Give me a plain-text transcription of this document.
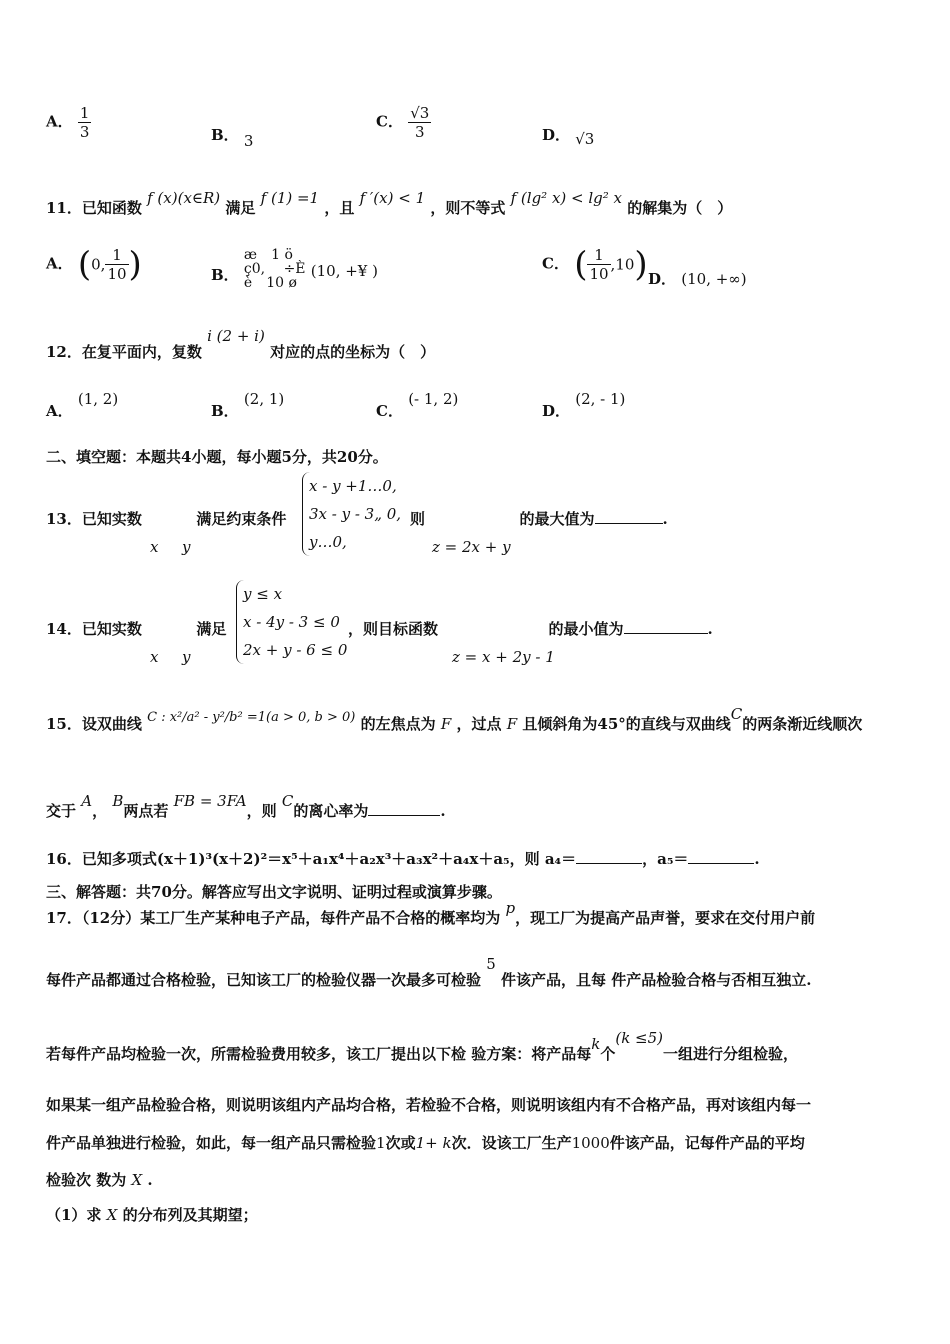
A． $\frac{1}{3}$	B． 3
C． $\frac{√3}{3}$	D． √3
11．已知函数 f (x)(x∈R) 满足 f (1) =1 ，且 f ′(x) < 1 ，则不等式 f (lg² x) < lg² x 的解集为（　）
A． (0, $\frac{1}{10}$ )	B．
æ　1 ö
ç0,　 ÷È
è　10 ø
(10, +¥ )	C． ( $\frac{1}{10} ,10$) D． (10, +∞)
12．在复平面内，复数 i (2 + i) 对应的点的坐标为（　）
A． (1, 2)
B． (2, 1)
C． (- 1, 2)
D． (2, - 1)
二、填空题：本题共4小题，每小题5分，共20分。
13．已知实数	满足约束条件
x y
x - y +1…0,
3x - y - 3„ 0,
y…0,
则	的最大值为	.
z = 2x + y
14．已知实数	满足
x y
y ≤ x
x - 4y - 3 ≤ 0
2x + y - 6 ≤ 0
，则目标函数	的最小值为	.
z = x + 2y - 1
15．设双曲线 C : x²/a² - y²/b² =1(a > 0, b > 0) 的左焦点为 F ，过点 F 且倾斜角为45°的直线与双曲线C的两条渐近线顺次
交于 A， B两点若 FB = 3FA，则 C的离心率为	.
16．已知多项式(x＋1)³(x＋2)²＝x⁵＋a₁x⁴＋a₂x³＋a₃x²＋a₄x＋a₅，则 a₄＝	，a₅＝	.
三、解答题：共70分。解答应写出文字说明、证明过程或演算步骤。
17．（12分）某工厂生产某种电子产品，每件产品不合格的概率均为 p，现工厂为提高产品声誉，要求在交付用户前
每件产品都通过合格检验，已知该工厂的检验仪器一次最多可检验 5 件该产品，且每 件产品检验合格与否相互独立.
若每件产品均检验一次，所需检验费用较多，该工厂提出以下检 验方案：将产品每k个(k ≤5)一组进行分组检验，
如果某一组产品检验合格，则说明该组内产品均合格，若检验不合格，则说明该组内有不合格产品，再对该组内每一
件产品单独进行检验，如此，每一组产品只需检验1次或1+ k次．设该工厂生产1000件该产品，记每件产品的平均
检验次 数为 X .
（1）求 X 的分布列及其期望；
